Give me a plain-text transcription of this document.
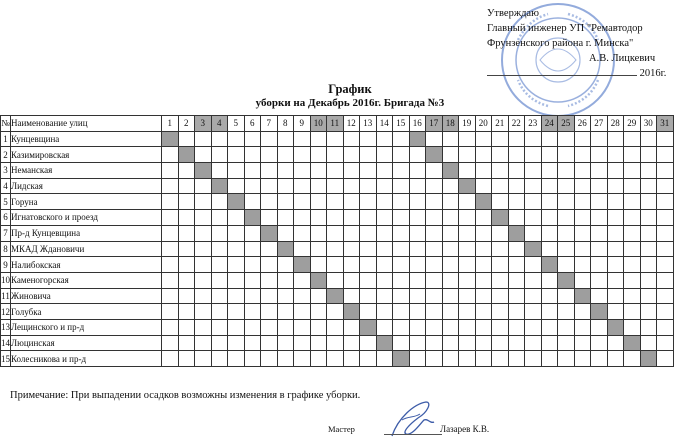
Утверждаю
Главный инженер УП "Ремавтодор
Фрунзенского района г. Минска"
А.В. Лицкевич
2016г.
График
уборки на Декабрь 2016г. Бригада №3
№	Наименование улиц	1	2	3	4	5	6	7	8	9	10	11	12	13	14	15	16	17	18	19	20	21	22	23	24	25	26	27	28	29	30	31
1	Кунцевщина																															
2	Казимировская																															
3	Неманская																															
4	Лидская																															
5	Горуна																															
6	Игнатовского и проезд																															
7	Пр-д Кунцевщина																															
8	МКАД Ждановичи																															
9	Налибокская																															
10	Каменогорская																															
11	Жиновича																															
12	Голубка																															
13	Лещинского и пр-д																															
14	Люцинская																															
15	Колесникова и пр-д																															
Примечание: При выпадении осадков возможны изменения в графике уборки.
Мастер	Лазарев К.В.
